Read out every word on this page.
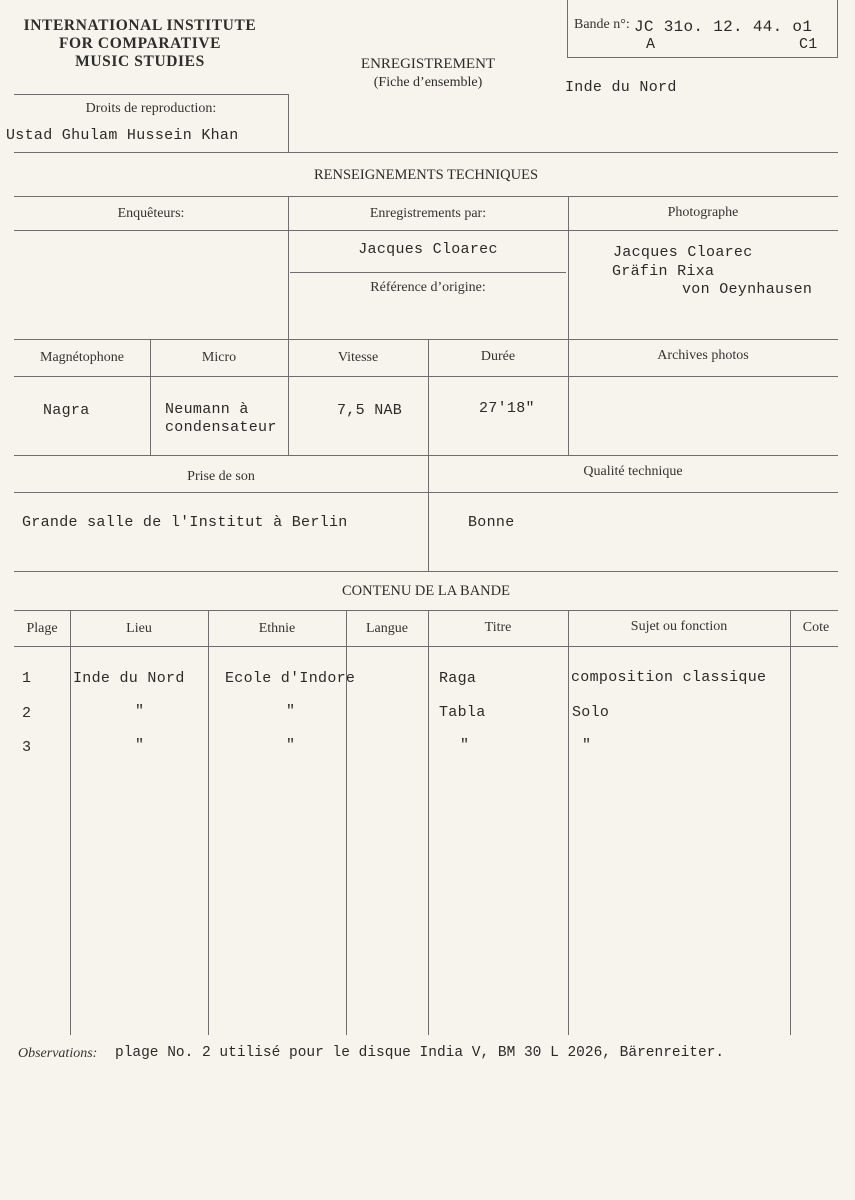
INTERNATIONAL INSTITUTE
FOR COMPARATIVE
MUSIC STUDIES
Bande n°: JC 31o. 12. 44. o1
A	C1
ENREGISTREMENT
(Fiche d’ensemble)	Inde du Nord
Droits de reproduction:
Ustad Ghulam Hussein Khan
RENSEIGNEMENTS TECHNIQUES
Enquêteurs:	Enregistrements par:	Photographe
Jacques Cloarec
Référence d’origine:
Jacques Cloarec
Gräfin Rixa
von Oeynhausen
Magnétophone	Micro	Vitesse	Durée	Archives photos
Nagra	Neumann à
condensateur
7,5 NAB	27'18"
Prise de son	Qualité technique
Grande salle de l'Institut à Berlin	Bonne
CONTENU DE LA BANDE
Plage	Lieu	Ethnie	Langue	Titre	Sujet ou fonction	Cote
1	Inde du Nord	Ecole d'Indore	Raga	composition classique
2	"	"	Tabla	Solo
3	"	"	"	"
Observations: plage No. 2 utilisé pour le disque India V, BM 30 L 2026, Bärenreiter.
